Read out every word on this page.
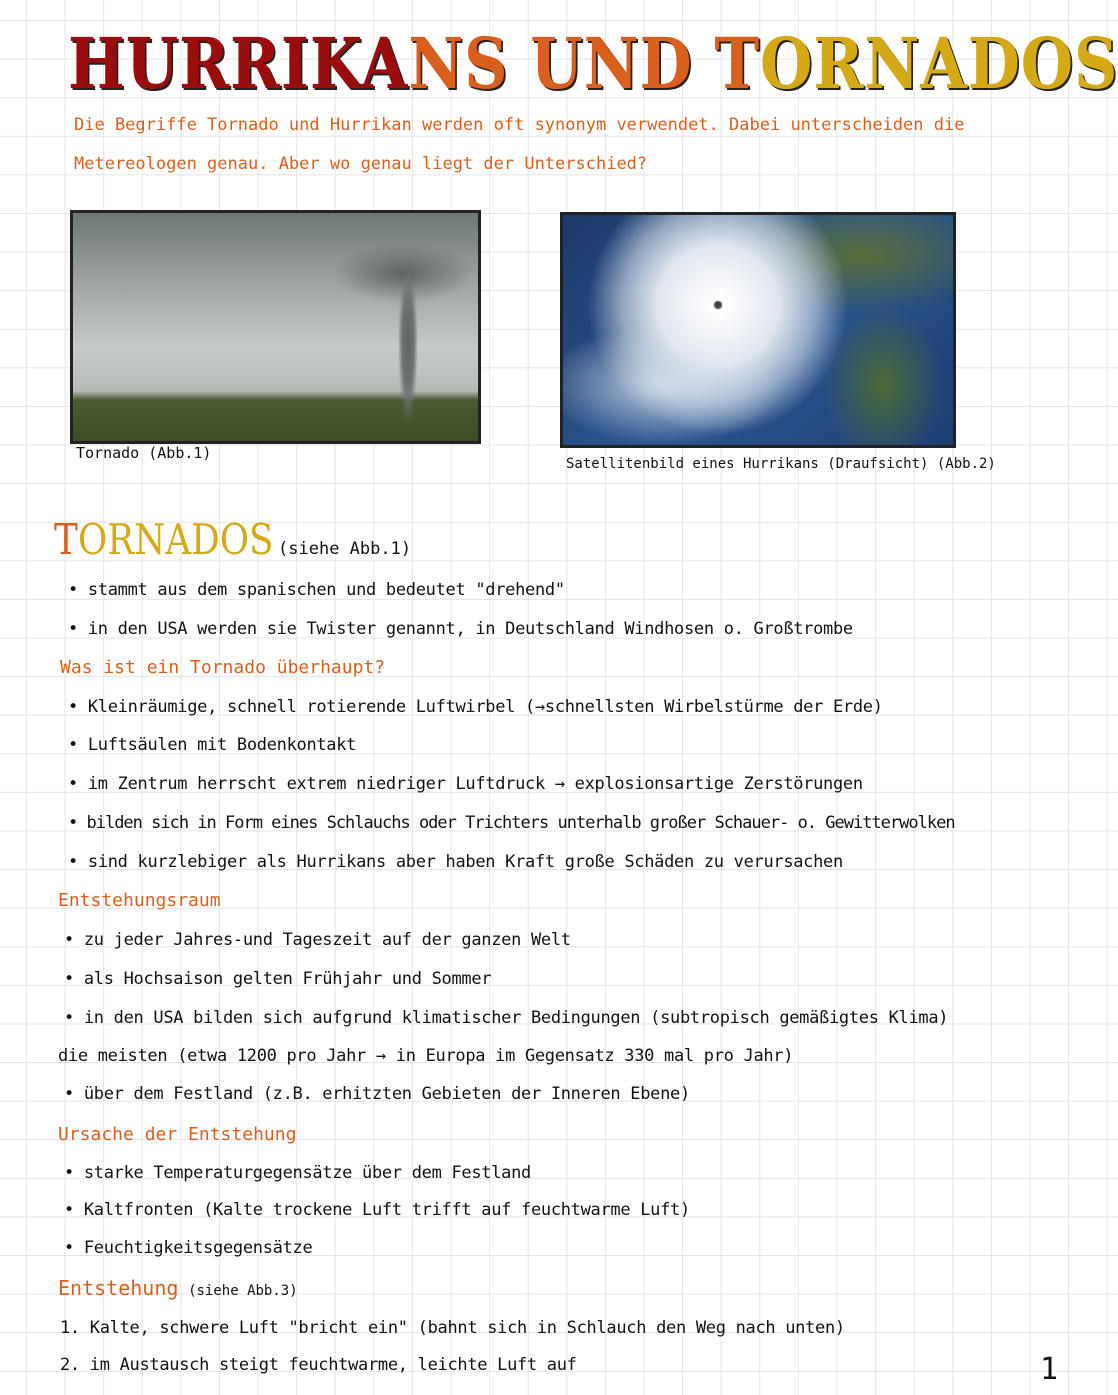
HURRIKANS UND TORNADOS
Die Begriffe Tornado und Hurrikan werden oft synonym verwendet. Dabei unterscheiden die
Metereologen genau. Aber wo genau liegt der Unterschied?
Tornado (Abb.1)
Satellitenbild eines Hurrikans (Draufsicht) (Abb.2)
TORNADOS (siehe Abb.1)
• stammt aus dem spanischen und bedeutet "drehend"
• in den USA werden sie Twister genannt, in Deutschland Windhosen o. Großtrombe
Was ist ein Tornado überhaupt?
• Kleinräumige, schnell rotierende Luftwirbel (→schnellsten Wirbelstürme der Erde)
• Luftsäulen mit Bodenkontakt
• im Zentrum herrscht extrem niedriger Luftdruck → explosionsartige Zerstörungen
• bilden sich in Form eines Schlauchs oder Trichters unterhalb großer Schauer- o. Gewitterwolken
• sind kurzlebiger als Hurrikans aber haben Kraft große Schäden zu verursachen
Entstehungsraum
• zu jeder Jahres-und Tageszeit auf der ganzen Welt
• als Hochsaison gelten Frühjahr und Sommer
• in den USA bilden sich aufgrund klimatischer Bedingungen (subtropisch gemäßigtes Klima)
die meisten (etwa 1200 pro Jahr → in Europa im Gegensatz 330 mal pro Jahr)
• über dem Festland (z.B. erhitzten Gebieten der Inneren Ebene)
Ursache der Entstehung
• starke Temperaturgegensätze über dem Festland
• Kaltfronten (Kalte trockene Luft trifft auf feuchtwarme Luft)
• Feuchtigkeitsgegensätze
Entstehung (siehe Abb.3)
1. Kalte, schwere Luft "bricht ein" (bahnt sich in Schlauch den Weg nach unten)
2. im Austausch steigt feuchtwarme, leichte Luft auf	1
